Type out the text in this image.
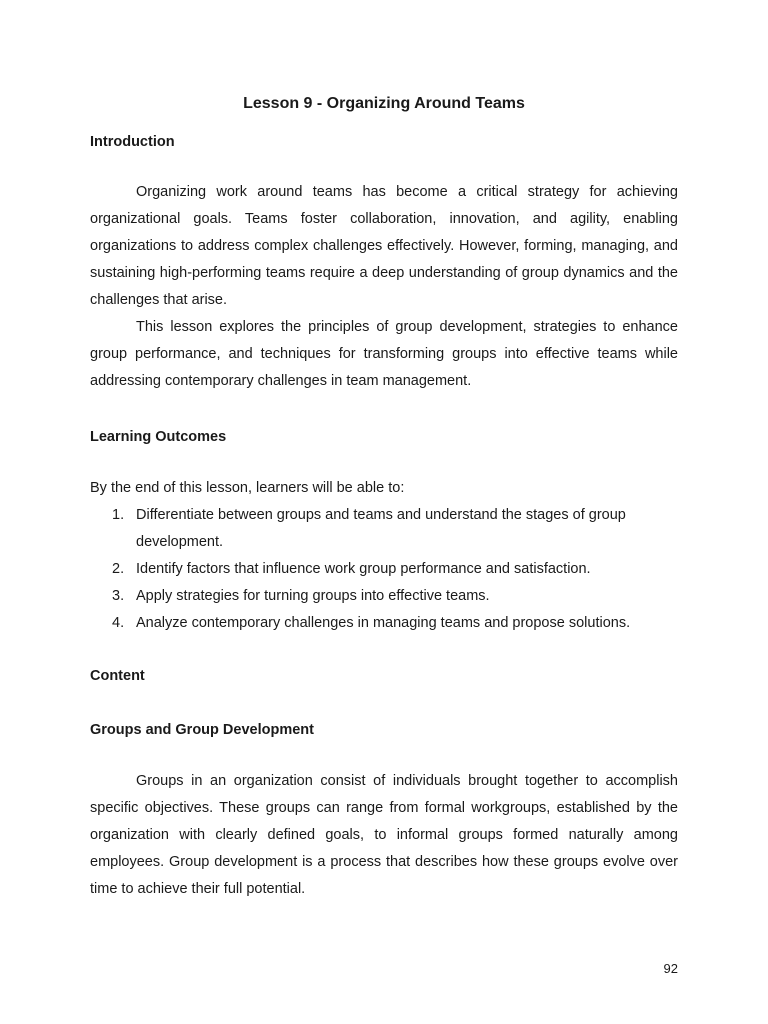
Lesson 9 - Organizing Around Teams
Introduction

Organizing work around teams has become a critical strategy for achieving organizational goals. Teams foster collaboration, innovation, and agility, enabling organizations to address complex challenges effectively. However, forming, managing, and sustaining high-performing teams require a deep understanding of group dynamics and the challenges that arise.

This lesson explores the principles of group development, strategies to enhance group performance, and techniques for transforming groups into effective teams while addressing contemporary challenges in team management.

Learning Outcomes

By the end of this lesson, learners will be able to:

1. Differentiate between groups and teams and understand the stages of group development.
2. Identify factors that influence work group performance and satisfaction.
3. Apply strategies for turning groups into effective teams.
4. Analyze contemporary challenges in managing teams and propose solutions.
Content
Groups and Group Development

Groups in an organization consist of individuals brought together to accomplish specific objectives. These groups can range from formal workgroups, established by the organization with clearly defined goals, to informal groups formed naturally among employees. Group development is a process that describes how these groups evolve over time to achieve their full potential.

92
